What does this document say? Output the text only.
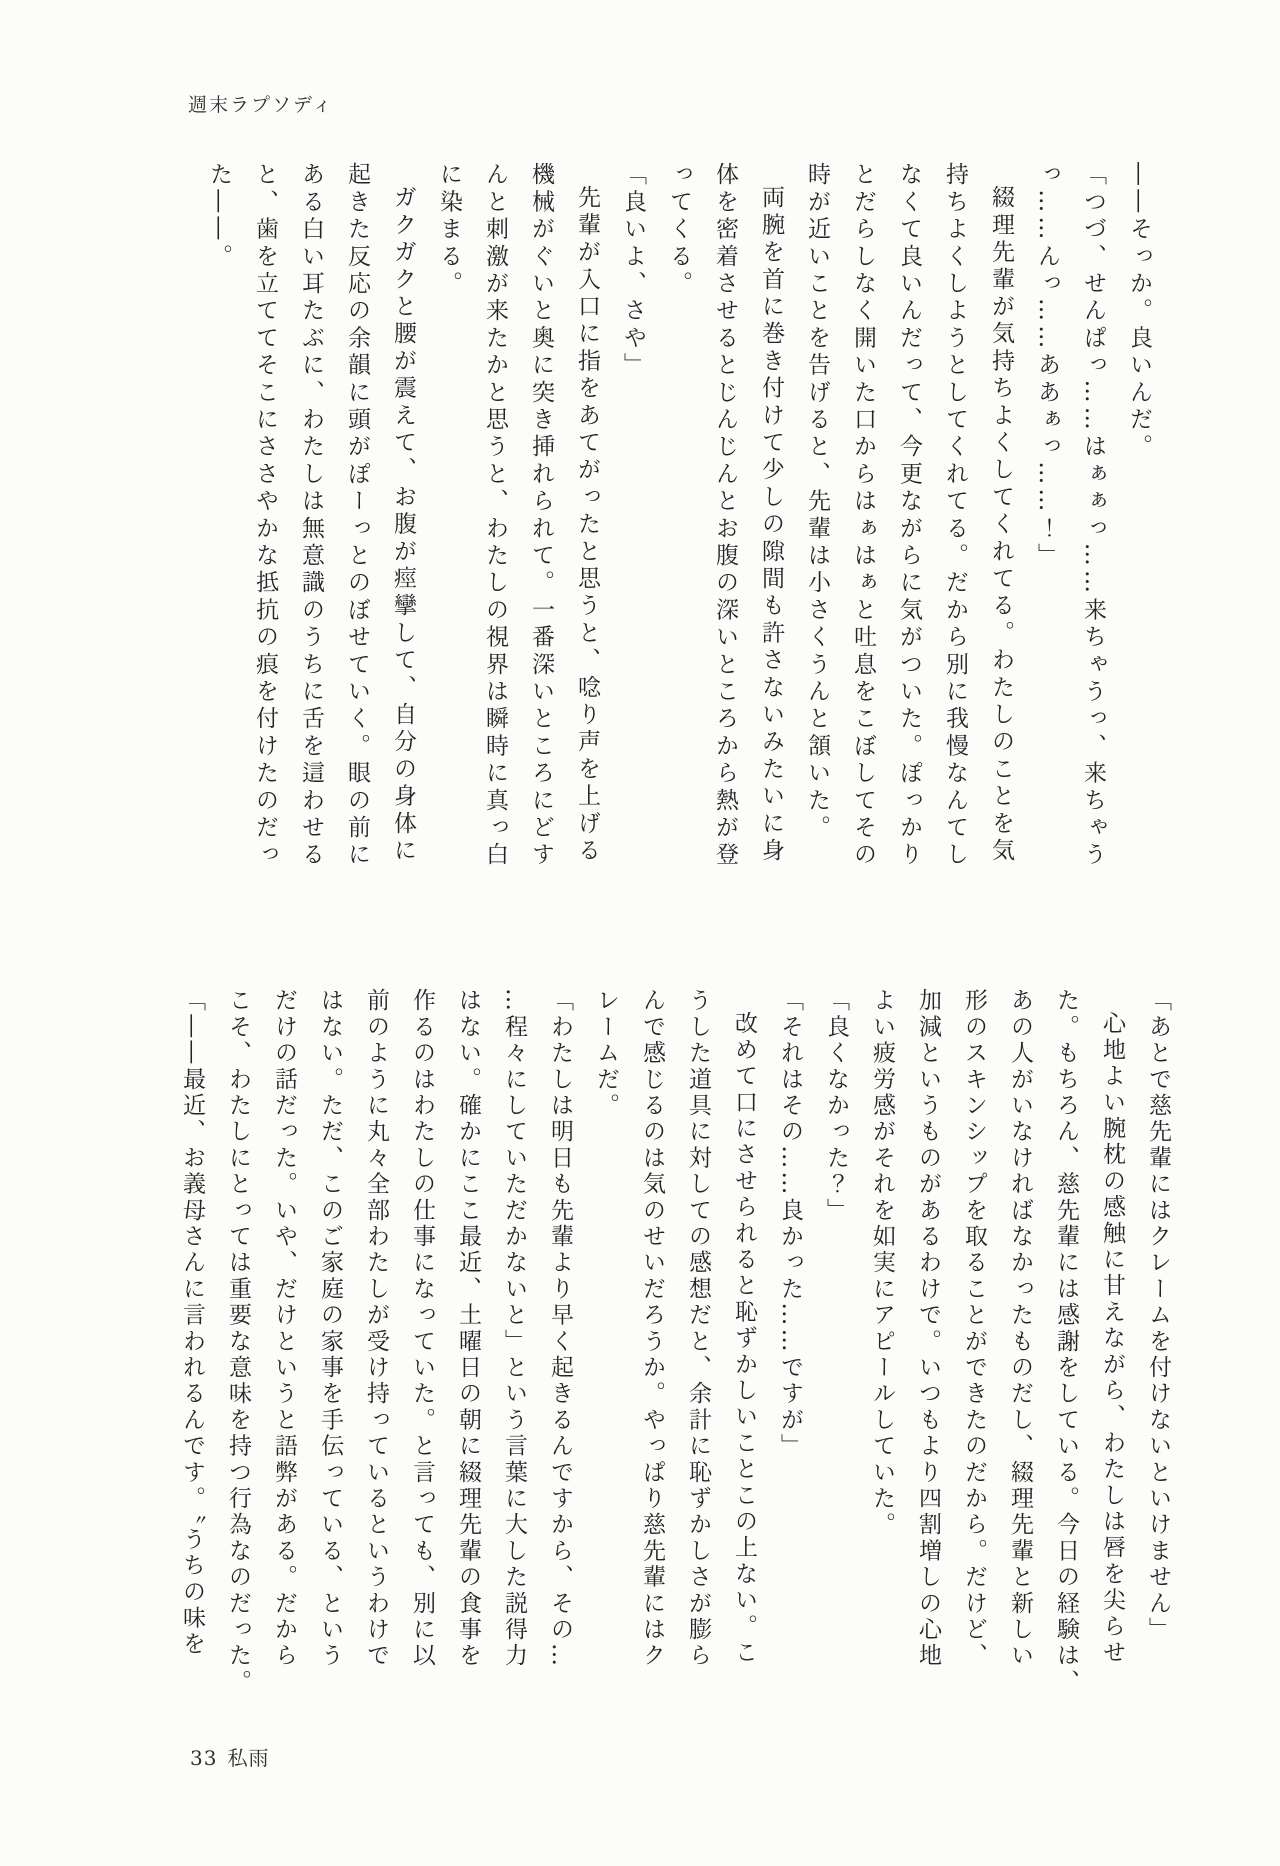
週末ラプソディ

――そっか。良いんだ。

「つづ、せんぱっ……はぁぁっ……来ちゃうっ、来ちゃう

っ……んっ……ああぁっ……！」

綴理先輩が気持ちよくしてくれてる。わたしのことを気

持ちよくしようとしてくれてる。だから別に我慢なんてし

なくて良いんだって、今更ながらに気がついた。ぽっかり

とだらしなく開いた口からはぁはぁと吐息をこぼしてその

時が近いことを告げると、先輩は小さくうんと頷いた。

両腕を首に巻き付けて少しの隙間も許さないみたいに身

体を密着させるとじんじんとお腹の深いところから熱が登

ってくる。

「良いよ、さや」

先輩が入口に指をあてがったと思うと、唸り声を上げる

機械がぐいと奥に突き挿れられて。一番深いところにどす

んと刺激が来たかと思うと、わたしの視界は瞬時に真っ白

に染まる。

ガクガクと腰が震えて、お腹が痙攣して、自分の身体に

起きた反応の余韻に頭がぽーっとのぼせていく。眼の前に

ある白い耳たぶに、わたしは無意識のうちに舌を這わせる

と、歯を立ててそこにささやかな抵抗の痕を付けたのだっ

た――。

「あとで慈先輩にはクレームを付けないといけません」

心地よい腕枕の感触に甘えながら、わたしは唇を尖らせ

た。もちろん、慈先輩には感謝をしている。今日の経験は、

あの人がいなければなかったものだし、綴理先輩と新しい

形のスキンシップを取ることができたのだから。だけど、

加減というものがあるわけで。いつもより四割増しの心地

よい疲労感がそれを如実にアピールしていた。

「良くなかった？」

「それはその……良かった……ですが」

改めて口にさせられると恥ずかしいことこの上ない。こ

うした道具に対しての感想だと、余計に恥ずかしさが膨ら

んで感じるのは気のせいだろうか。やっぱり慈先輩にはク

レームだ。

「わたしは明日も先輩より早く起きるんですから、その…

…程々にしていただかないと」という言葉に大した説得力

はない。確かにここ最近、土曜日の朝に綴理先輩の食事を

作るのはわたしの仕事になっていた。と言っても、別に以

前のように丸々全部わたしが受け持っているというわけで

はない。ただ、このご家庭の家事を手伝っている、という

だけの話だった。いや、だけというと語弊がある。だから

こそ、わたしにとっては重要な意味を持つ行為なのだった。

「――最近、お義母さんに言われるんです。〝うちの味を

33 私雨
